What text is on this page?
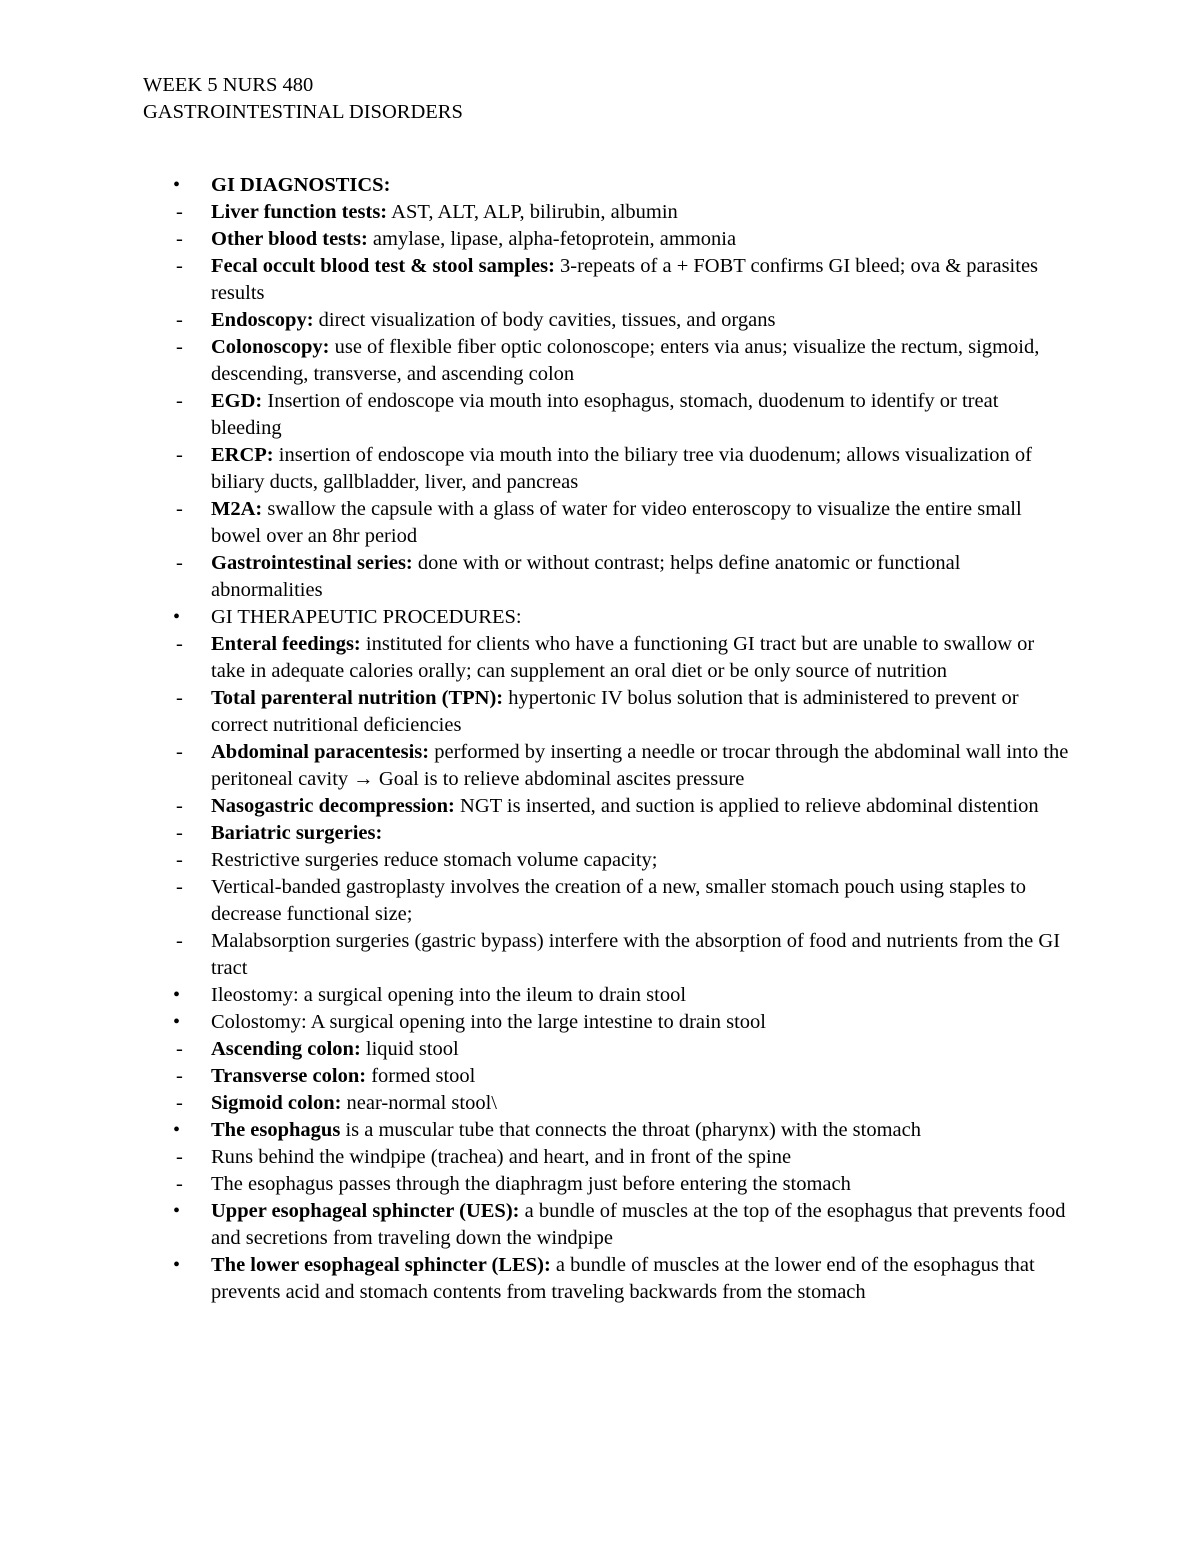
WEEK 5 NURS 480
GASTROINTESTINAL DISORDERS
•	GI DIAGNOSTICS:
-	Liver function tests: AST, ALT, ALP, bilirubin, albumin
-	Other blood tests: amylase, lipase, alpha-fetoprotein, ammonia
-	Fecal occult blood test & stool samples: 3-repeats of a + FOBT confirms GI bleed; ova & parasites results
-	Endoscopy: direct visualization of body cavities, tissues, and organs
-	Colonoscopy: use of flexible fiber optic colonoscope; enters via anus; visualize the rectum, sigmoid, descending, transverse, and ascending colon
-	EGD: Insertion of endoscope via mouth into esophagus, stomach, duodenum to identify or treat bleeding
-	ERCP: insertion of endoscope via mouth into the biliary tree via duodenum; allows visualization of biliary ducts, gallbladder, liver, and pancreas
-	M2A: swallow the capsule with a glass of water for video enteroscopy to visualize the entire small bowel over an 8hr period
-	Gastrointestinal series: done with or without contrast; helps define anatomic or functional abnormalities
•	GI THERAPEUTIC PROCEDURES:
-	Enteral feedings: instituted for clients who have a functioning GI tract but are unable to swallow or take in adequate calories orally; can supplement an oral diet or be only source of nutrition
-	Total parenteral nutrition (TPN): hypertonic IV bolus solution that is administered to prevent or correct nutritional deficiencies
-	Abdominal paracentesis: performed by inserting a needle or trocar through the abdominal wall into the peritoneal cavity → Goal is to relieve abdominal ascites pressure
-	Nasogastric decompression: NGT is inserted, and suction is applied to relieve abdominal distention
-	Bariatric surgeries:
-	Restrictive surgeries reduce stomach volume capacity;
-	Vertical-banded gastroplasty involves the creation of a new, smaller stomach pouch using staples to decrease functional size;
-	Malabsorption surgeries (gastric bypass) interfere with the absorption of food and nutrients from the GI tract
•	Ileostomy: a surgical opening into the ileum to drain stool
•	Colostomy: A surgical opening into the large intestine to drain stool
-	Ascending colon: liquid stool
-	Transverse colon: formed stool
-	Sigmoid colon: near-normal stool\
•	The esophagus is a muscular tube that connects the throat (pharynx) with the stomach
-	Runs behind the windpipe (trachea) and heart, and in front of the spine
-	The esophagus passes through the diaphragm just before entering the stomach
•	Upper esophageal sphincter (UES): a bundle of muscles at the top of the esophagus that prevents food and secretions from traveling down the windpipe
•	The lower esophageal sphincter (LES): a bundle of muscles at the lower end of the esophagus that prevents acid and stomach contents from traveling backwards from the stomach
